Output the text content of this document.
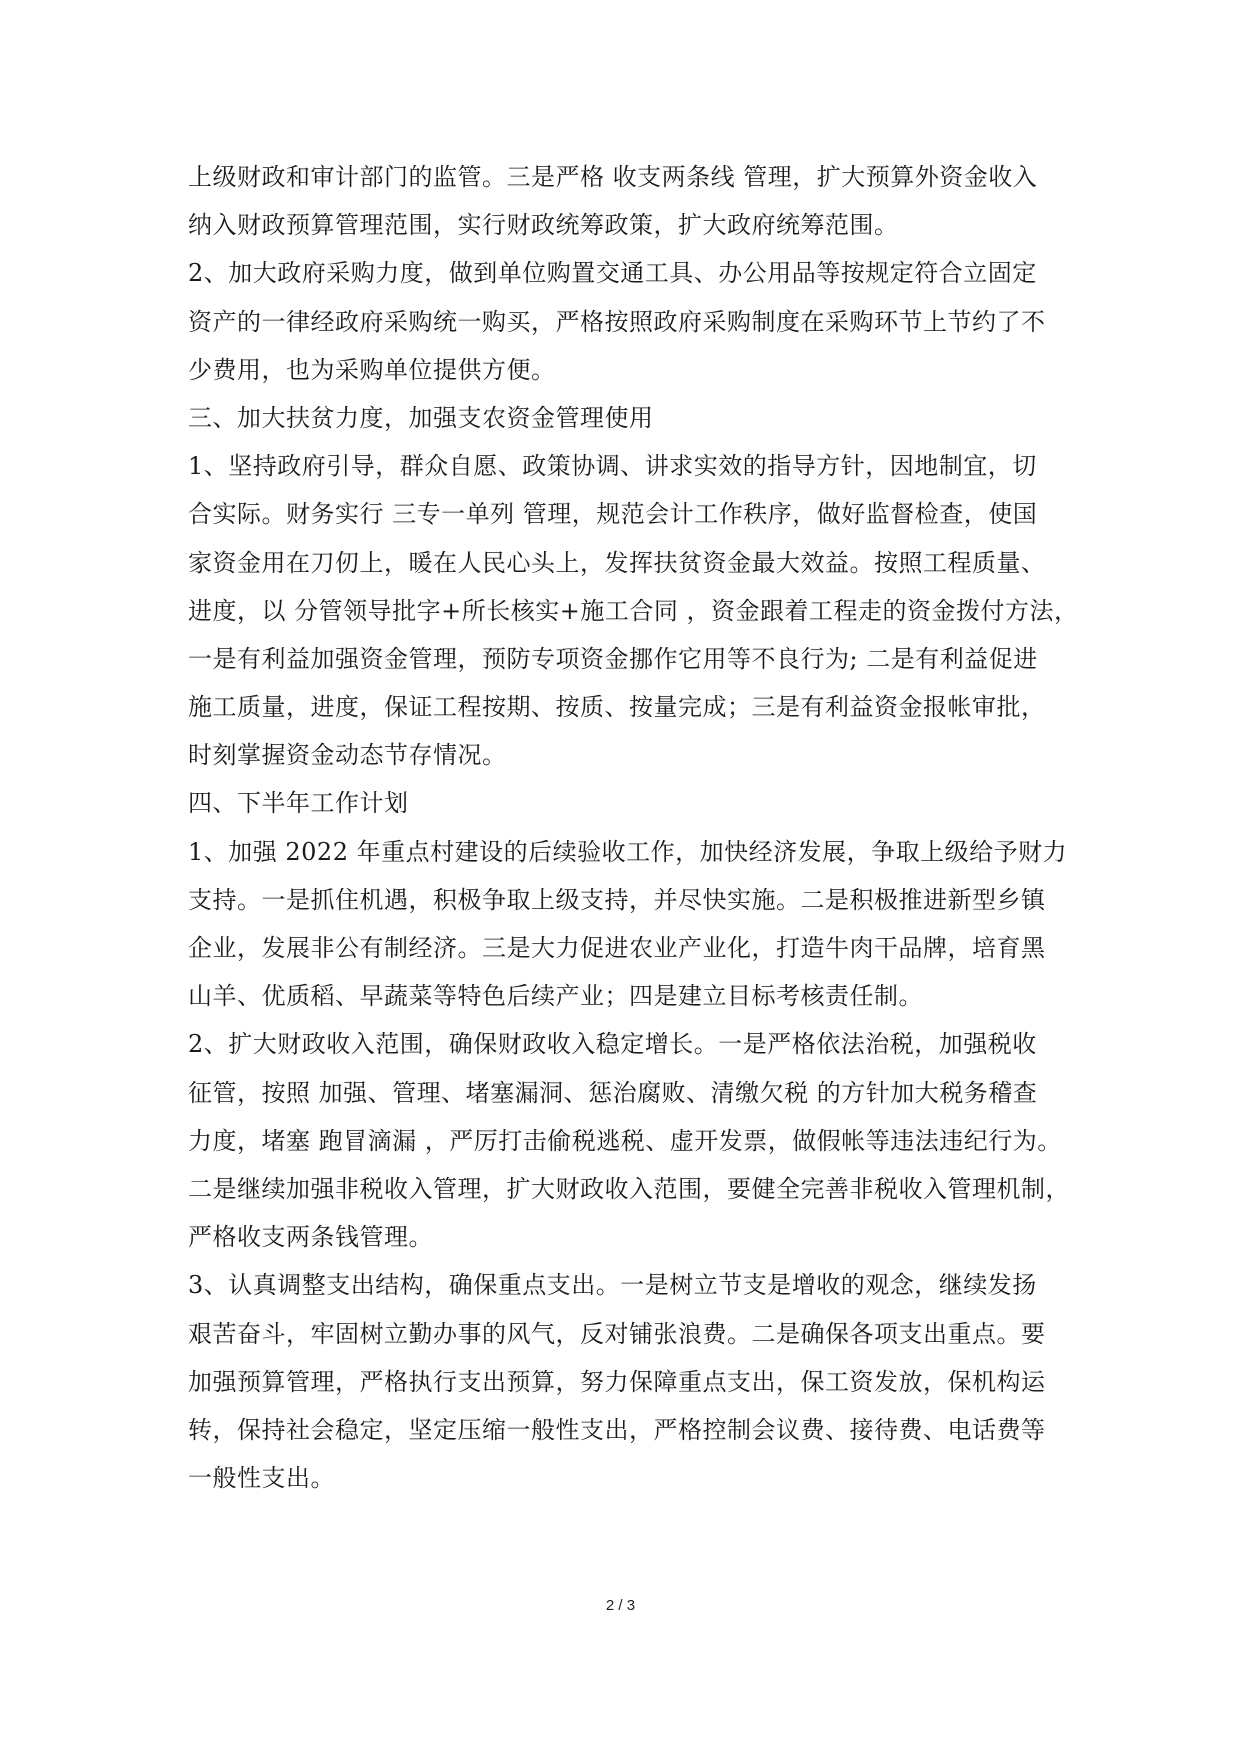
上级财政和审计部门的监管。三是严格 收支两条线 管理，扩大预算外资金收入
纳入财政预算管理范围，实行财政统筹政策，扩大政府统筹范围。
2、加大政府采购力度，做到单位购置交通工具、办公用品等按规定符合立固定
资产的一律经政府采购统一购买，严格按照政府采购制度在采购环节上节约了不
少费用，也为采购单位提供方便。
三、加大扶贫力度，加强支农资金管理使用
1、坚持政府引导，群众自愿、政策协调、讲求实效的指导方针，因地制宜，切
合实际。财务实行 三专一单列 管理，规范会计工作秩序，做好监督检查，使国
家资金用在刀仞上，暖在人民心头上，发挥扶贫资金最大效益。按照工程质量、
进度，以 分管领导批字+所长核实+施工合同 ，资金跟着工程走的资金拨付方法，
一是有利益加强资金管理，预防专项资金挪作它用等不良行为; 二是有利益促进
施工质量，进度，保证工程按期、按质、按量完成；三是有利益资金报帐审批，
时刻掌握资金动态节存情况。
四、下半年工作计划
1、加强 2022 年重点村建设的后续验收工作，加快经济发展，争取上级给予财力
支持。一是抓住机遇，积极争取上级支持，并尽快实施。二是积极推进新型乡镇
企业，发展非公有制经济。三是大力促进农业产业化，打造牛肉干品牌，培育黑
山羊、优质稻、早蔬菜等特色后续产业；四是建立目标考核责任制。
2、扩大财政收入范围，确保财政收入稳定增长。一是严格依法治税，加强税收
征管，按照 加强、管理、堵塞漏洞、惩治腐败、清缴欠税 的方针加大税务稽查
力度，堵塞 跑冒滴漏 ，严厉打击偷税逃税、虚开发票，做假帐等违法违纪行为。
二是继续加强非税收入管理，扩大财政收入范围，要健全完善非税收入管理机制，
严格收支两条钱管理。
3、认真调整支出结构，确保重点支出。一是树立节支是增收的观念，继续发扬
艰苦奋斗，牢固树立勤办事的风气，反对铺张浪费。二是确保各项支出重点。要
加强预算管理，严格执行支出预算，努力保障重点支出，保工资发放，保机构运
转，保持社会稳定，坚定压缩一般性支出，严格控制会议费、接待费、电话费等
一般性支出。
2 / 3
